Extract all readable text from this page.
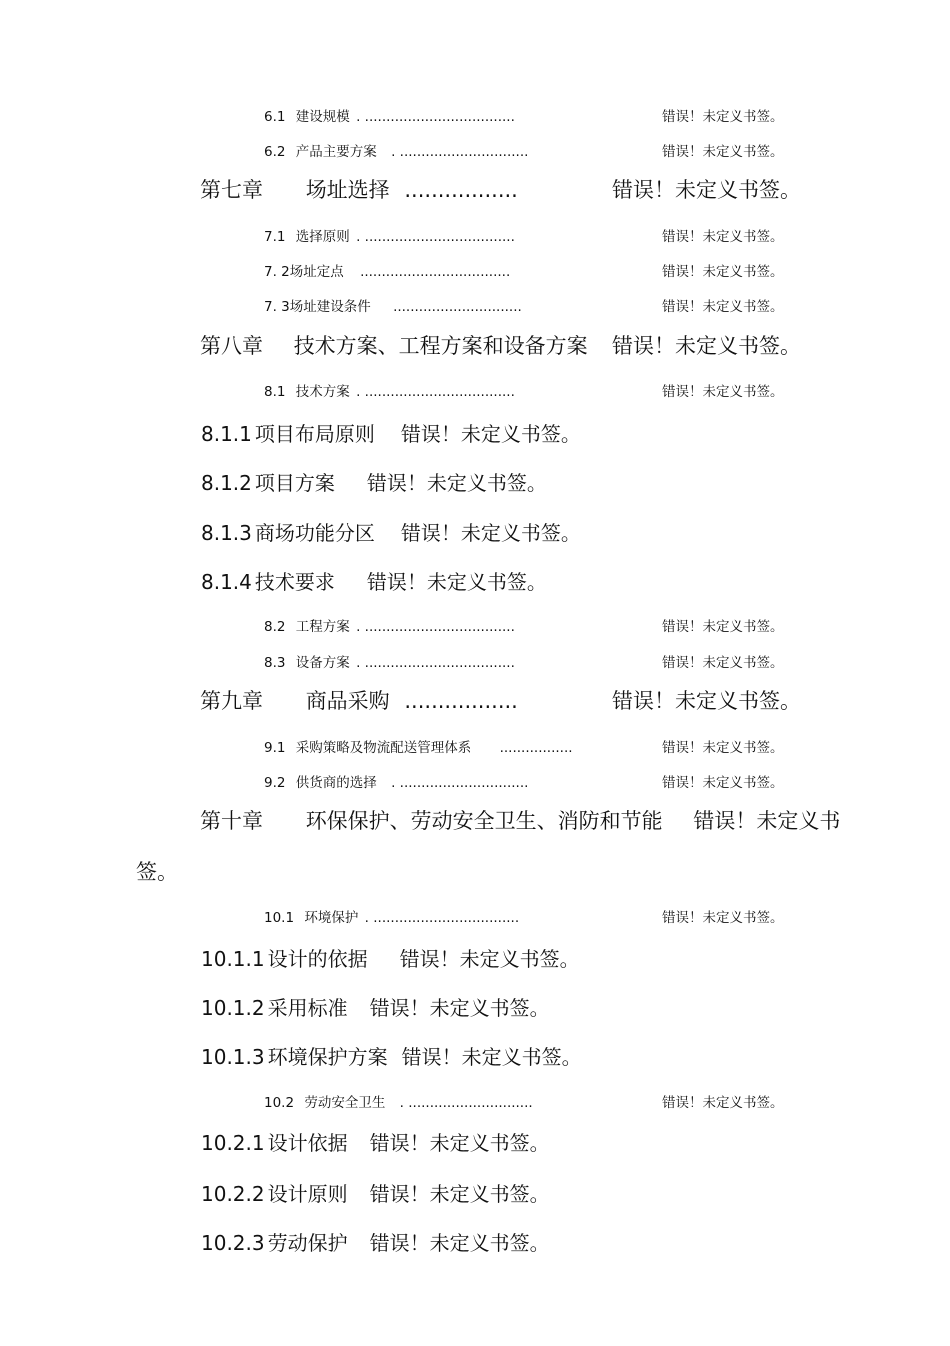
6.1 建设规模 . ...................................	错误！未定义书签。
6.2 产品主要方案 . ..............................	错误！未定义书签。
第七章 场址选择 .................	错误！未定义书签。
7.1 选择原则 . ...................................	错误！未定义书签。
7. 2场址定点 ...................................	错误！未定义书签。
7. 3场址建设条件 ..............................	错误！未定义书签。
第八章 技术方案、工程方案和设备方案 错误！未定义书签。
8.1 技术方案 . ...................................	错误！未定义书签。
8.1.1 项目布局原则 错误！未定义书签。
8.1.2 项目方案 错误！未定义书签。
8.1.3 商场功能分区 错误！未定义书签。
8.1.4 技术要求 错误！未定义书签。
8.2 工程方案 . ...................................	错误！未定义书签。
8.3 设备方案 . ...................................	错误！未定义书签。
第九章 商品采购 .................	错误！未定义书签。
9.1 采购策略及物流配送管理体系 .................	错误！未定义书签。
9.2 供货商的选择 . ..............................	错误！未定义书签。
第十章 环保保护、劳动安全卫生、消防和节能 错误！未定义书
签。
10.1 环境保护 . ..................................	错误！未定义书签。
10.1.1 设计的依据 错误！未定义书签。
10.1.2 采用标准 错误！未定义书签。
10.1.3 环境保护方案 错误！未定义书签。
10.2 劳动安全卫生 . .............................	错误！未定义书签。
10.2.1 设计依据 错误！未定义书签。
10.2.2 设计原则 错误！未定义书签。
10.2.3 劳动保护 错误！未定义书签。
